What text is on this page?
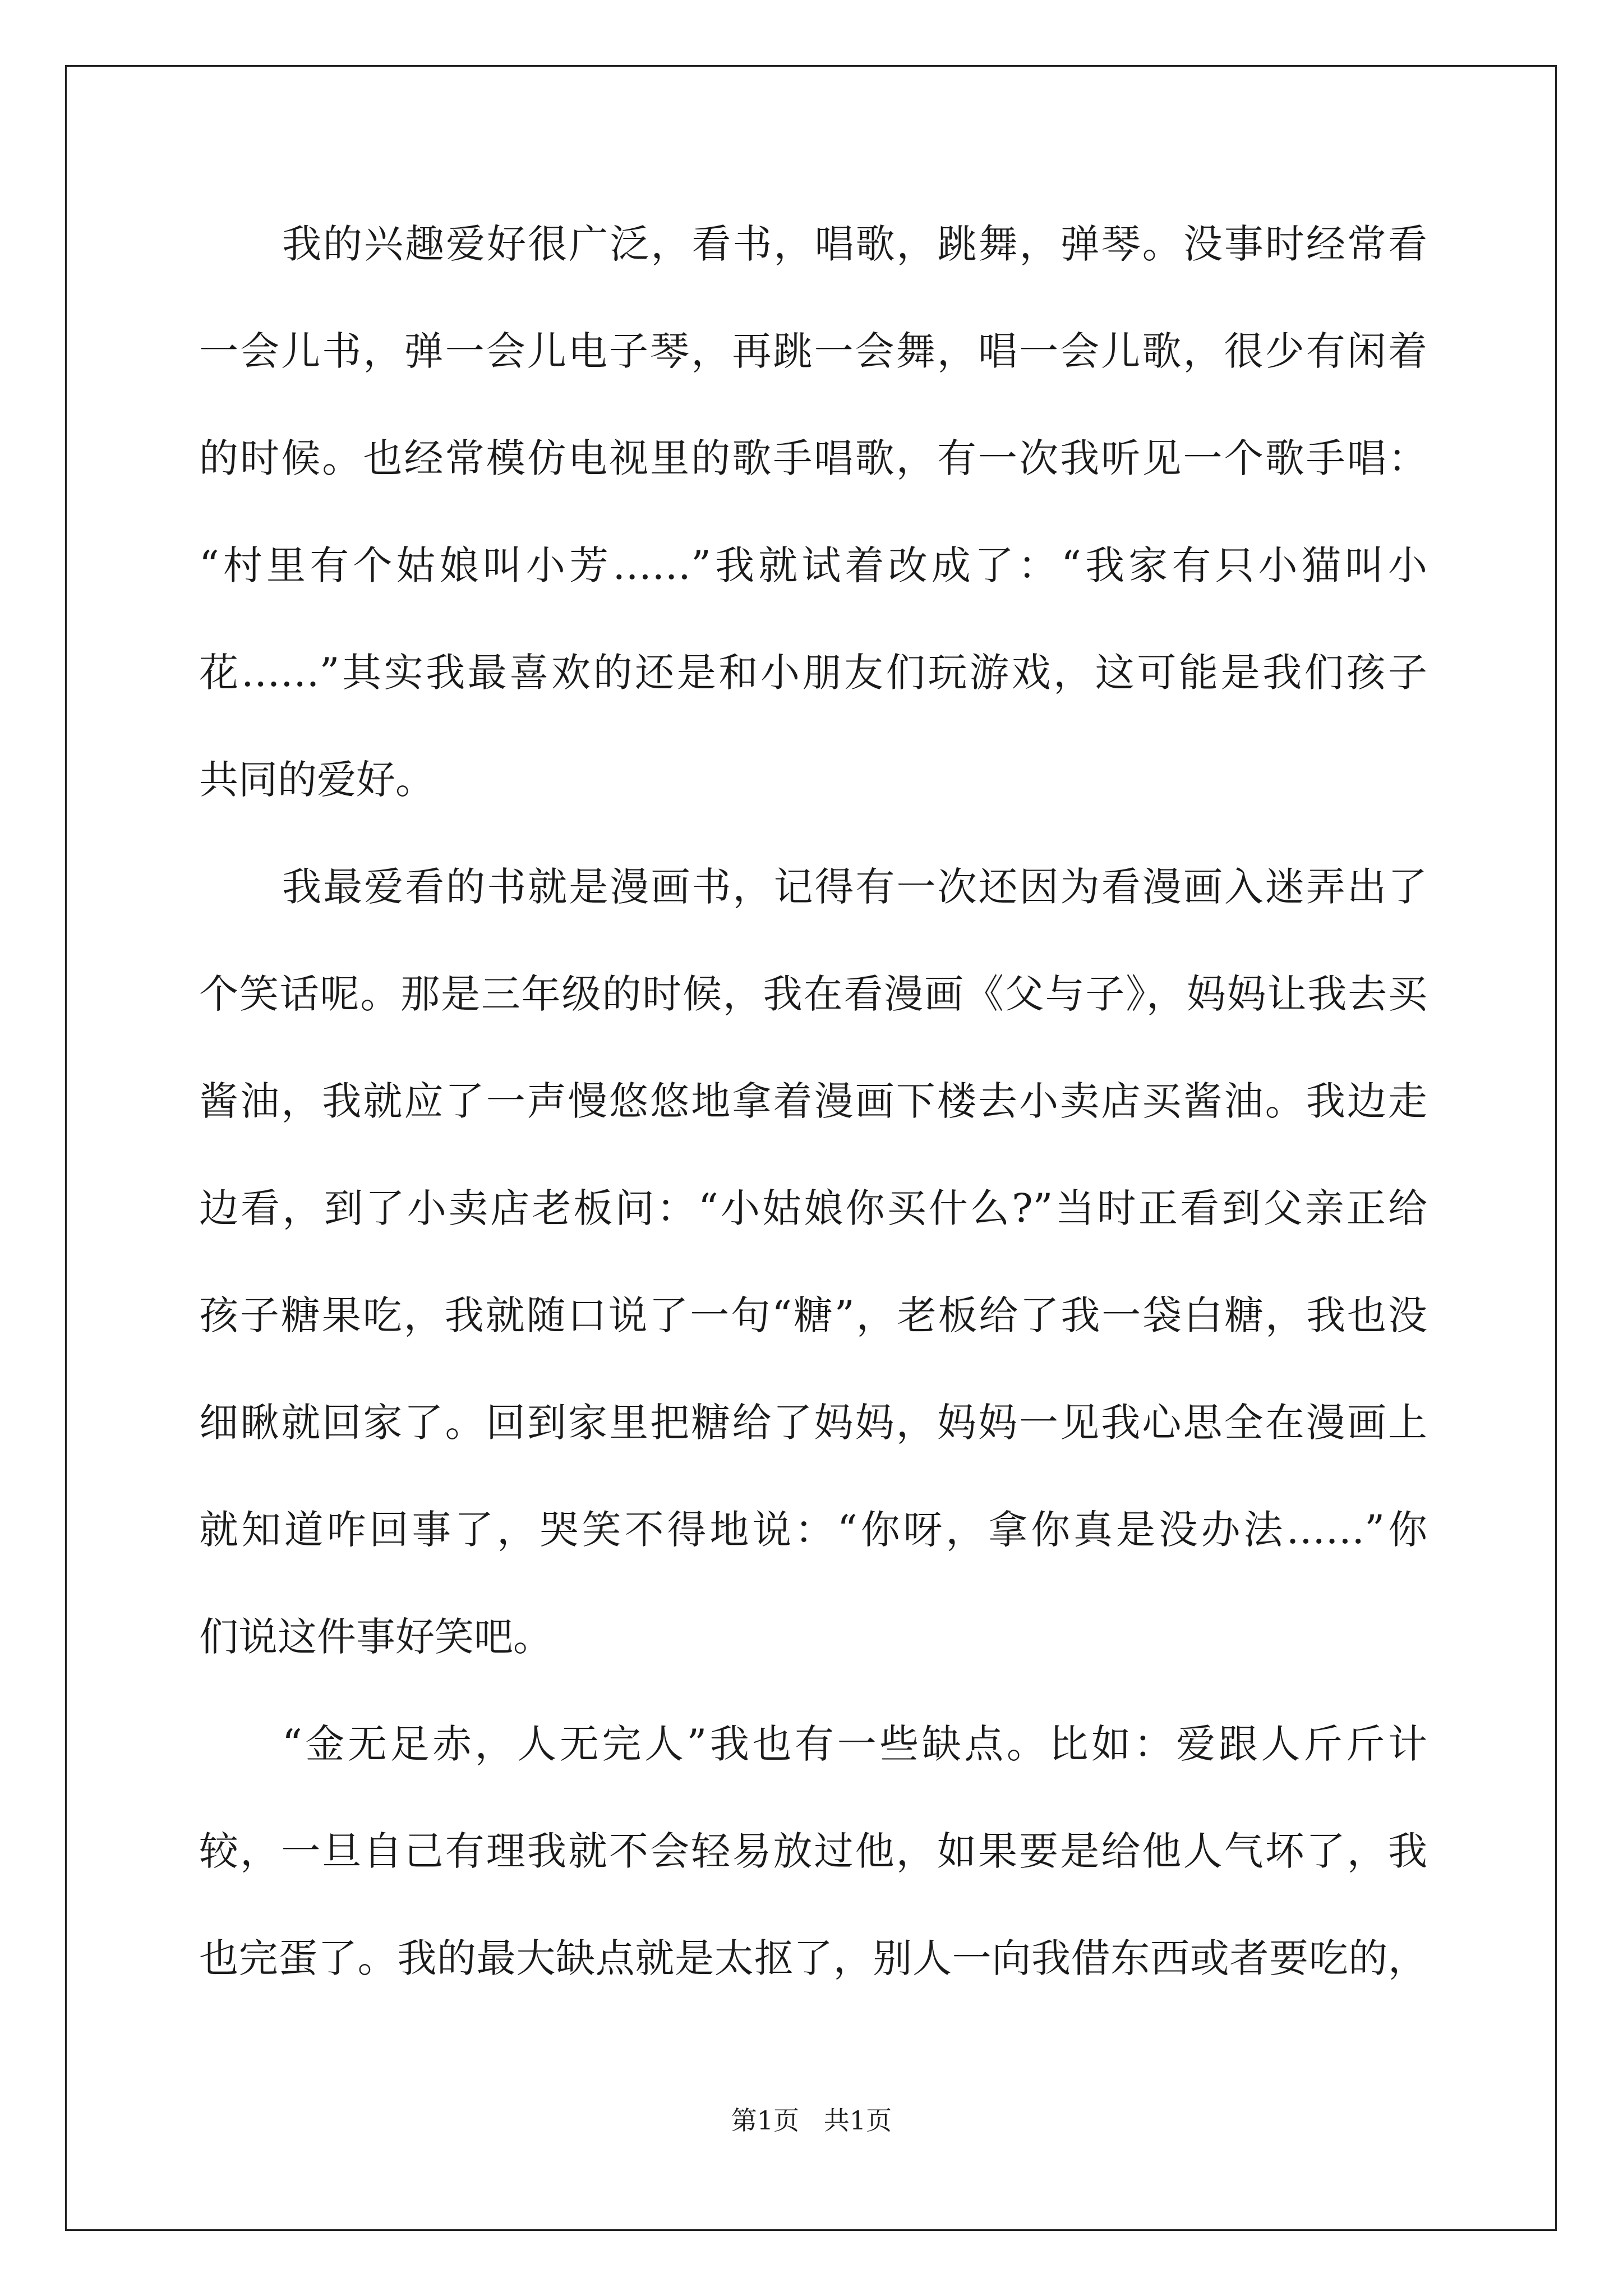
我的兴趣爱好很广泛，看书，唱歌，跳舞，弹琴。没事时经常看
一会儿书，弹一会儿电子琴，再跳一会舞，唱一会儿歌，很少有闲着
的时候。也经常模仿电视里的歌手唱歌，有一次我听见一个歌手唱：
“村里有个姑娘叫小芳……”我就试着改成了：“我家有只小猫叫小
花……”其实我最喜欢的还是和小朋友们玩游戏，这可能是我们孩子
共同的爱好。
我最爱看的书就是漫画书，记得有一次还因为看漫画入迷弄出了
个笑话呢。那是三年级的时候，我在看漫画《父与子》，妈妈让我去买
酱油，我就应了一声慢悠悠地拿着漫画下楼去小卖店买酱油。我边走
边看，到了小卖店老板问：“小姑娘你买什么?”当时正看到父亲正给
孩子糖果吃，我就随口说了一句“糖”，老板给了我一袋白糖，我也没
细瞅就回家了。回到家里把糖给了妈妈，妈妈一见我心思全在漫画上
就知道咋回事了，哭笑不得地说：“你呀，拿你真是没办法……”你
们说这件事好笑吧。
“金无足赤，人无完人”我也有一些缺点。比如：爱跟人斤斤计
较，一旦自己有理我就不会轻易放过他，如果要是给他人气坏了，我
也完蛋了。我的最大缺点就是太抠了，别人一向我借东西或者要吃的，
第1页   共1页
